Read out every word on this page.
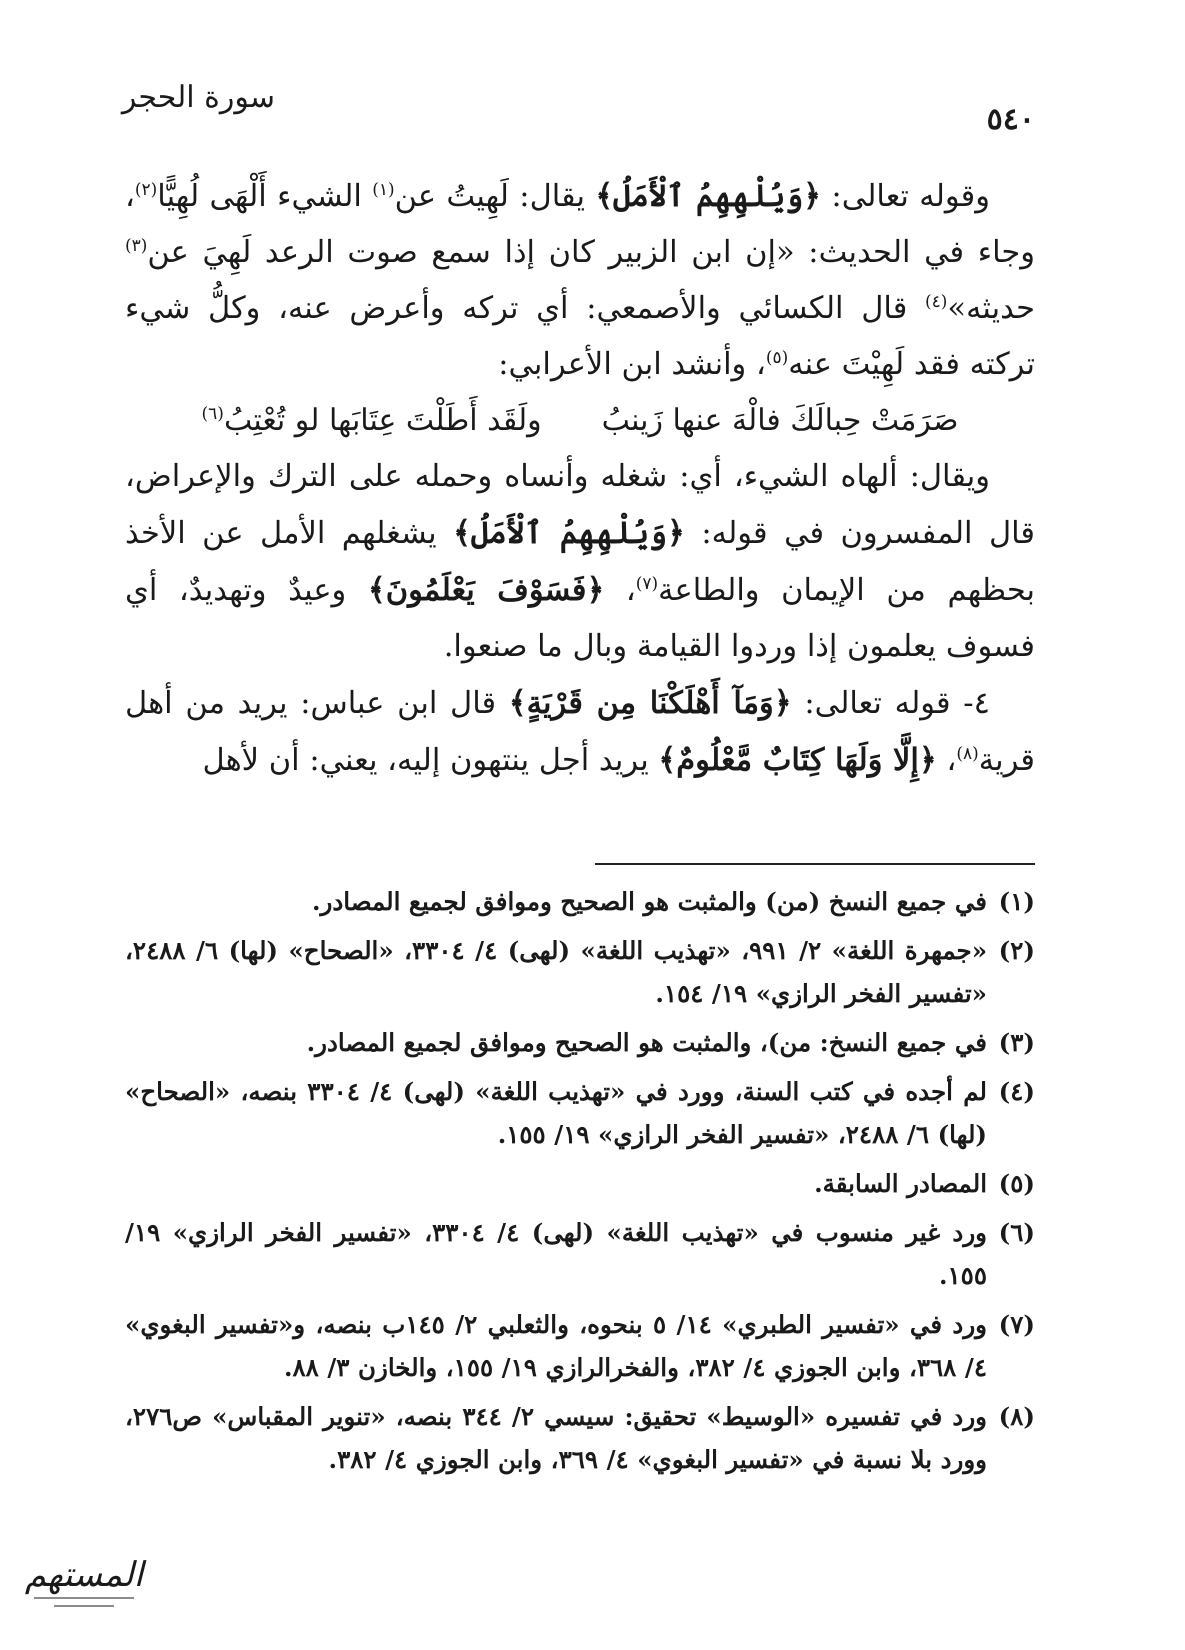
سورة الحجر
٥٤٠

وقوله تعالى: ﴿وَيُلْهِهِمُ ٱلْأَمَلُ﴾ يقال: لَهِيتُ عن$^{(١)}$ الشيء أَلْهَى لُهِيًّا$^{(٢)}$، وجاء في الحديث: «إن ابن الزبير كان إذا سمع صوت الرعد لَهِيَ عن$^{(٣)}$ حديثه»$^{(٤)}$ قال الكسائي والأصمعي: أي تركه وأعرض عنه، وكلُّ شيء تركته فقد لَهِيْتَ عنه$^{(٥)}$، وأنشد ابن الأعرابي:

صَرَمَتْ حِبالَكَ فالْهَ عنها زَينبُولَقَد أَطَلْتَ عِتَابَها لو تُعْتِبُ$^{(٦)}$

ويقال: ألهاه الشيء، أي: شغله وأنساه وحمله على الترك والإعراض، قال المفسرون في قوله: ﴿وَيُلْهِهِمُ ٱلْأَمَلُ﴾ يشغلهم الأمل عن الأخذ بحظهم من الإيمان والطاعة$^{(٧)}$، ﴿فَسَوْفَ يَعْلَمُونَ﴾ وعيدٌ وتهديدٌ، أي فسوف يعلمون إذا وردوا القيامة وبال ما صنعوا.

٤- قوله تعالى: ﴿وَمَآ أَهْلَكْنَا مِن قَرْيَةٍ﴾ قال ابن عباس: يريد من أهل قرية$^{(٨)}$، ﴿إِلَّا وَلَهَا كِتَابٌ مَّعْلُومٌ﴾ يريد أجل ينتهون إليه، يعني: أن لأهل

(١)
في جميع النسخ (من) والمثبت هو الصحيح وموافق لجميع المصادر.
(٢)
«جمهرة اللغة» ٢/ ٩٩١، «تهذيب اللغة» (لهى) ٤/ ٣٣٠٤، «الصحاح» (لها) ٦/ ٢٤٨٨، «تفسير الفخر الرازي» ١٩/ ١٥٤.
(٣)
في جميع النسخ: من)، والمثبت هو الصحيح وموافق لجميع المصادر.
(٤)
لم أجده في كتب السنة، وورد في «تهذيب اللغة» (لهى) ٤/ ٣٣٠٤ بنصه، «الصحاح» (لها) ٦/ ٢٤٨٨، «تفسير الفخر الرازي» ١٩/ ١٥٥.
(٥)
المصادر السابقة.
(٦)
ورد غير منسوب في «تهذيب اللغة» (لهى) ٤/ ٣٣٠٤، «تفسير الفخر الرازي» ١٩/ ١٥٥.
(٧)
ورد في «تفسير الطبري» ١٤/ ٥ بنحوه، والثعلبي ٢/ ١٤٥ب بنصه، و«تفسير البغوي» ٤/ ٣٦٨، وابن الجوزي ٤/ ٣٨٢، والفخرالرازي ١٩/ ١٥٥، والخازن ٣/ ٨٨.
(٨)
ورد في تفسيره «الوسيط» تحقيق: سيسي ٢/ ٣٤٤ بنصه، «تنوير المقباس» ص٢٧٦، وورد بلا نسبة في «تفسير البغوي» ٤/ ٣٦٩، وابن الجوزي ٤/ ٣٨٢.
المستهم
